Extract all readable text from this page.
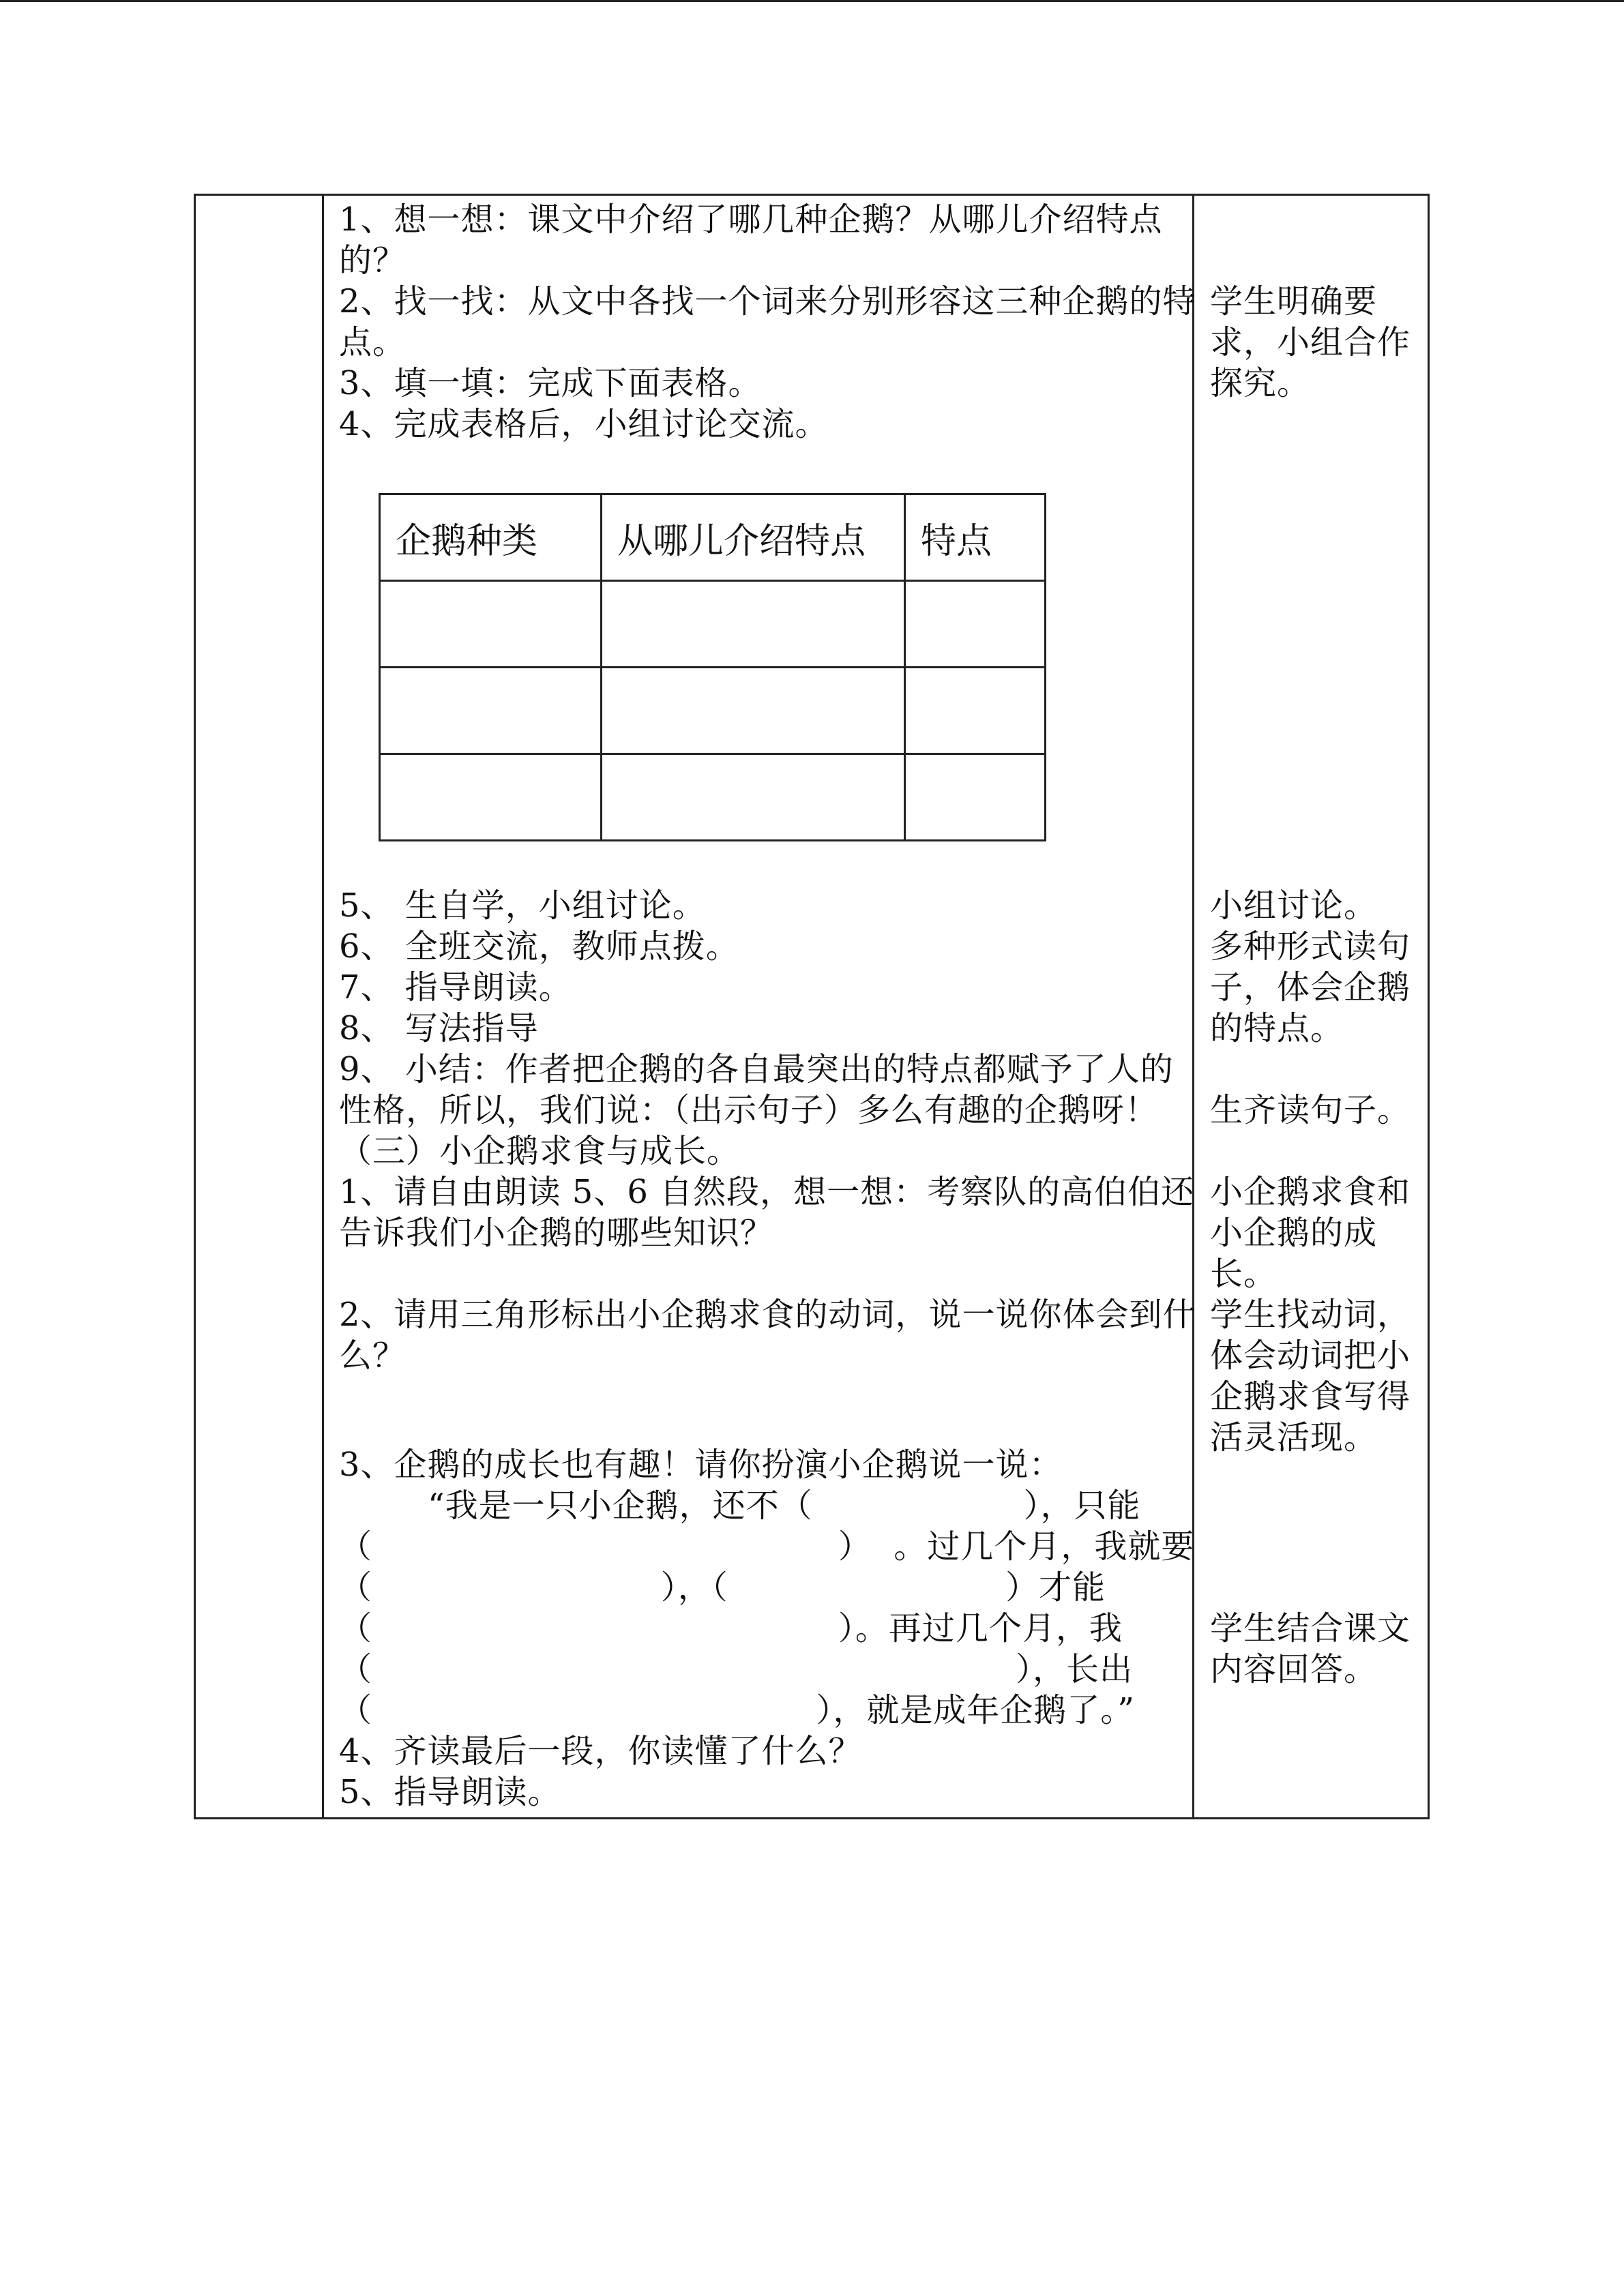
1、想一想：课文中介绍了哪几种企鹅？从哪儿介绍特点
的？
2、找一找：从文中各找一个词来分别形容这三种企鹅的特
点。
3、填一填：完成下面表格。
4、完成表格后，小组讨论交流。
企鹅种类	从哪儿介绍特点	特点

5、 生自学，小组讨论。
6、 全班交流，教师点拨。
7、 指导朗读。
8、 写法指导
9、 小结：作者把企鹅的各自最突出的特点都赋予了人的
性格，所以，我们说：（出示句子）多么有趣的企鹅呀！
（三）小企鹅求食与成长。
1、请自由朗读 5、6 自然段，想一想：考察队的高伯伯还
告诉我们小企鹅的哪些知识？
2、请用三角形标出小企鹅求食的动词，说一说你体会到什
么？
3、企鹅的成长也有趣！请你扮演小企鹅说一说：
“我是一只小企鹅，还不（                   ），只能
（                                          ）  。过几个月，我就要
（                          ），（                         ）才能
（                                          ）。再过几个月，我
（                                                          ），长出
（                                        ），就是成年企鹅了。”
4、齐读最后一段，你读懂了什么？
5、指导朗读。
学生明确要
求，小组合作
探究。
小组讨论。
多种形式读句
子，体会企鹅
的特点。
生齐读句子。
小企鹅求食和
小企鹅的成
长。
学生找动词，
体会动词把小
企鹅求食写得
活灵活现。
学生结合课文
内容回答。
